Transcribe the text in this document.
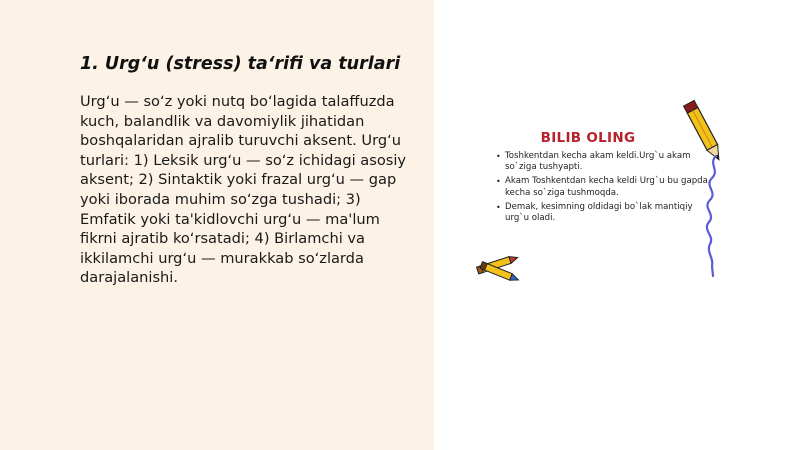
1. Urgʻu (stress) taʻrifi va turlari

Urgʻu — soʻz yoki nutq boʻlagida talaffuzda kuch, balandlik va davomiylik jihatidan boshqalaridan ajralib turuvchi aksent. Urgʻu turlari: 1) Leksik urgʻu — soʻz ichidagi asosiy aksent; 2) Sintaktik yoki frazal urgʻu — gap yoki iborada muhim soʻzga tushadi; 3) Emfatik yoki ta'kidlovchi urgʻu — ma'lum fikrni ajratib koʻrsatadi; 4) Birlamchi va ikkilamchi urgʻu — murakkab soʻzlarda darajalanishi.

BILIB OLING
• Toshkentdan kecha akam keldi.Urg`u akam so`ziga tushyapti.
• Akam Toshkentdan kecha keldi Urg`u bu gapda kecha so`ziga tushmoqda.
• Demak, kesimning oldidagi bo`lak mantiqiy urg`u oladi.
